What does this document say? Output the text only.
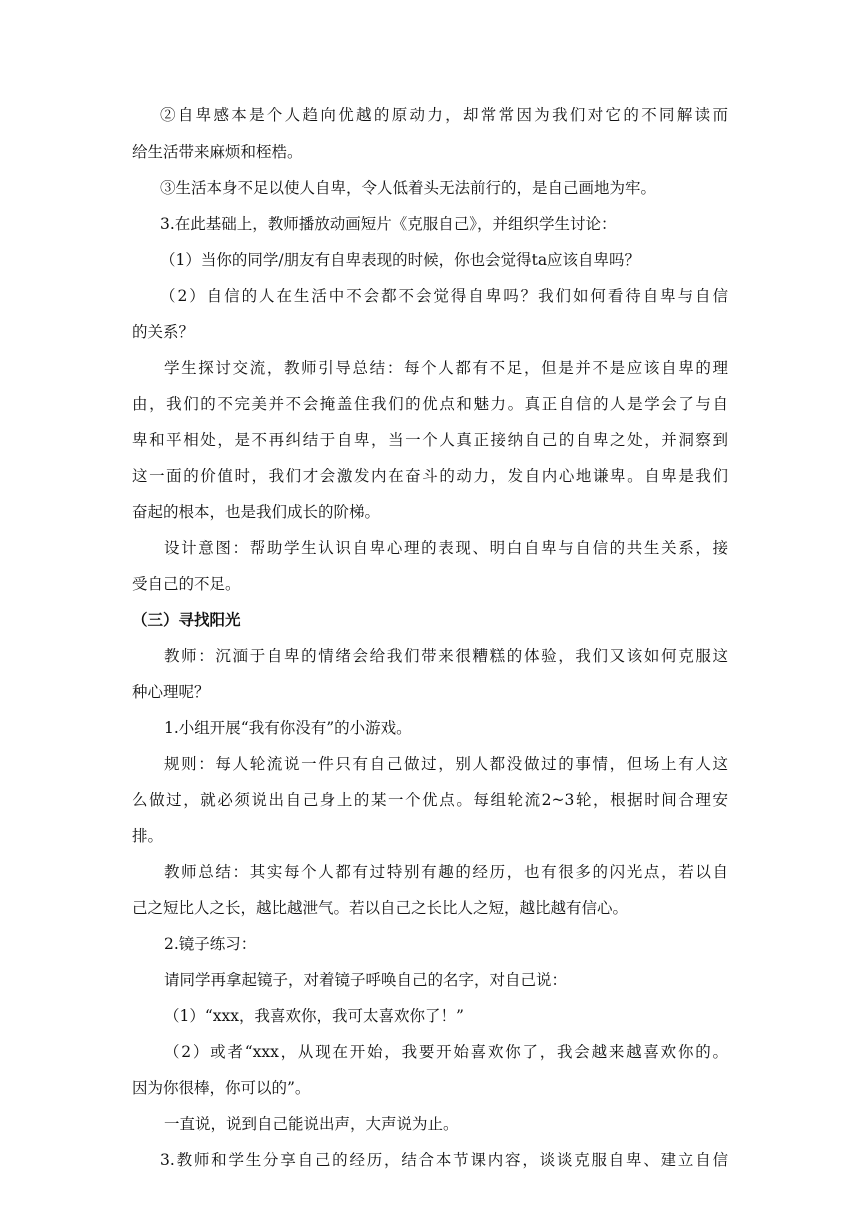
②自卑感本是个人趋向优越的原动力，却常常因为我们对它的不同解读而
给生活带来麻烦和桎梏。
③生活本身不足以使人自卑，令人低着头无法前行的，是自己画地为牢。
3.在此基础上，教师播放动画短片《克服自己》，并组织学生讨论：
（1）当你的同学/朋友有自卑表现的时候，你也会觉得ta应该自卑吗？
（2）自信的人在生活中不会都不会觉得自卑吗？我们如何看待自卑与自信
的关系？
学生探讨交流，教师引导总结：每个人都有不足，但是并不是应该自卑的理
由，我们的不完美并不会掩盖住我们的优点和魅力。真正自信的人是学会了与自
卑和平相处，是不再纠结于自卑，当一个人真正接纳自己的自卑之处，并洞察到
这一面的价值时，我们才会激发内在奋斗的动力，发自内心地谦卑。自卑是我们
奋起的根本，也是我们成长的阶梯。
设计意图：帮助学生认识自卑心理的表现、明白自卑与自信的共生关系，接
受自己的不足。
（三）寻找阳光
教师：沉湎于自卑的情绪会给我们带来很糟糕的体验，我们又该如何克服这
种心理呢？
1.小组开展“我有你没有”的小游戏。
规则：每人轮流说一件只有自己做过，别人都没做过的事情，但场上有人这
么做过，就必须说出自己身上的某一个优点。每组轮流2~3轮，根据时间合理安
排。
教师总结：其实每个人都有过特别有趣的经历，也有很多的闪光点，若以自
己之短比人之长，越比越泄气。若以自己之长比人之短，越比越有信心。
2.镜子练习：
请同学再拿起镜子，对着镜子呼唤自己的名字，对自己说：
（1）“xxx，我喜欢你，我可太喜欢你了！”
（2）或者“xxx，从现在开始，我要开始喜欢你了，我会越来越喜欢你的。
因为你很棒，你可以的”。
一直说，说到自己能说出声，大声说为止。
3.教师和学生分享自己的经历，结合本节课内容，谈谈克服自卑、建立自信
